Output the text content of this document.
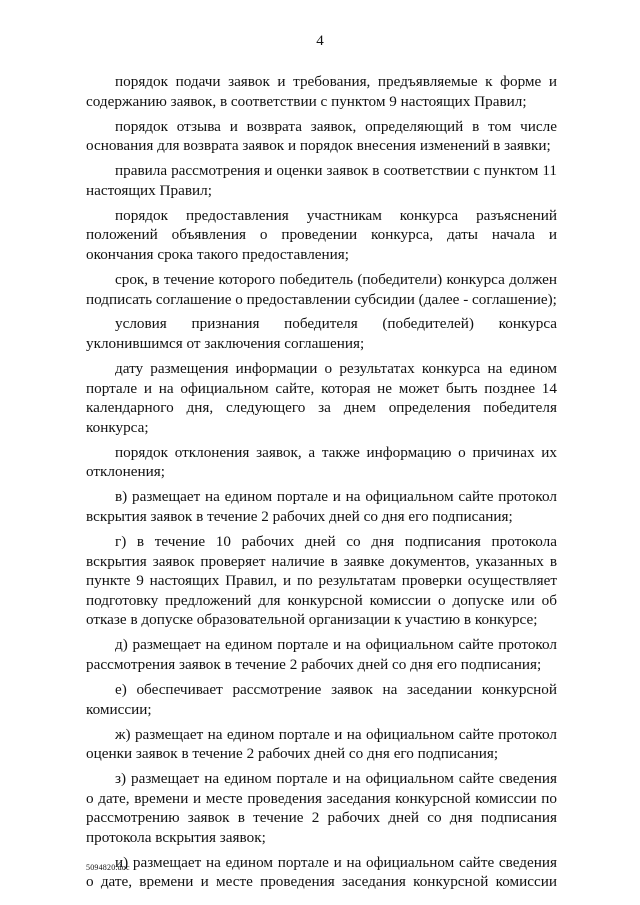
4

порядок подачи заявок и требования, предъявляемые к форме и содержанию заявок, в соответствии с пунктом 9 настоящих Правил;

порядок отзыва и возврата заявок, определяющий в том числе основания для возврата заявок и порядок внесения изменений в заявки;

правила рассмотрения и оценки заявок в соответствии с пунктом 11 настоящих Правил;

порядок предоставления участникам конкурса разъяснений положений объявления о проведении конкурса, даты начала и окончания срока такого предоставления;

срок, в течение которого победитель (победители) конкурса должен подписать соглашение о предоставлении субсидии (далее - соглашение);

условия признания победителя (победителей) конкурса уклонившимся от заключения соглашения;

дату размещения информации о результатах конкурса на едином портале и на официальном сайте, которая не может быть позднее 14 календарного дня, следующего за днем определения победителя конкурса;

порядок отклонения заявок, а также информацию о причинах их отклонения;

в) размещает на едином портале и на официальном сайте протокол вскрытия заявок в течение 2 рабочих дней со дня его подписания;

г) в течение 10 рабочих дней со дня подписания протокола вскрытия заявок проверяет наличие в заявке документов, указанных в пункте 9 настоящих Правил, и по результатам проверки осуществляет подготовку предложений для конкурсной комиссии о допуске или об отказе в допуске образовательной организации к участию в конкурсе;

д) размещает на едином портале и на официальном сайте протокол рассмотрения заявок в течение 2 рабочих дней со дня его подписания;

е) обеспечивает рассмотрение заявок на заседании конкурсной комиссии;

ж) размещает на едином портале и на официальном сайте протокол оценки заявок в течение 2 рабочих дней со дня его подписания;

з) размещает на едином портале и на официальном сайте сведения о дате, времени и месте проведения заседания конкурсной комиссии по рассмотрению заявок в течение 2 рабочих дней со дня подписания протокола вскрытия заявок;

и) размещает на едином портале и на официальном сайте сведения о дате, времени и месте проведения заседания конкурсной комиссии

5094820.doc
